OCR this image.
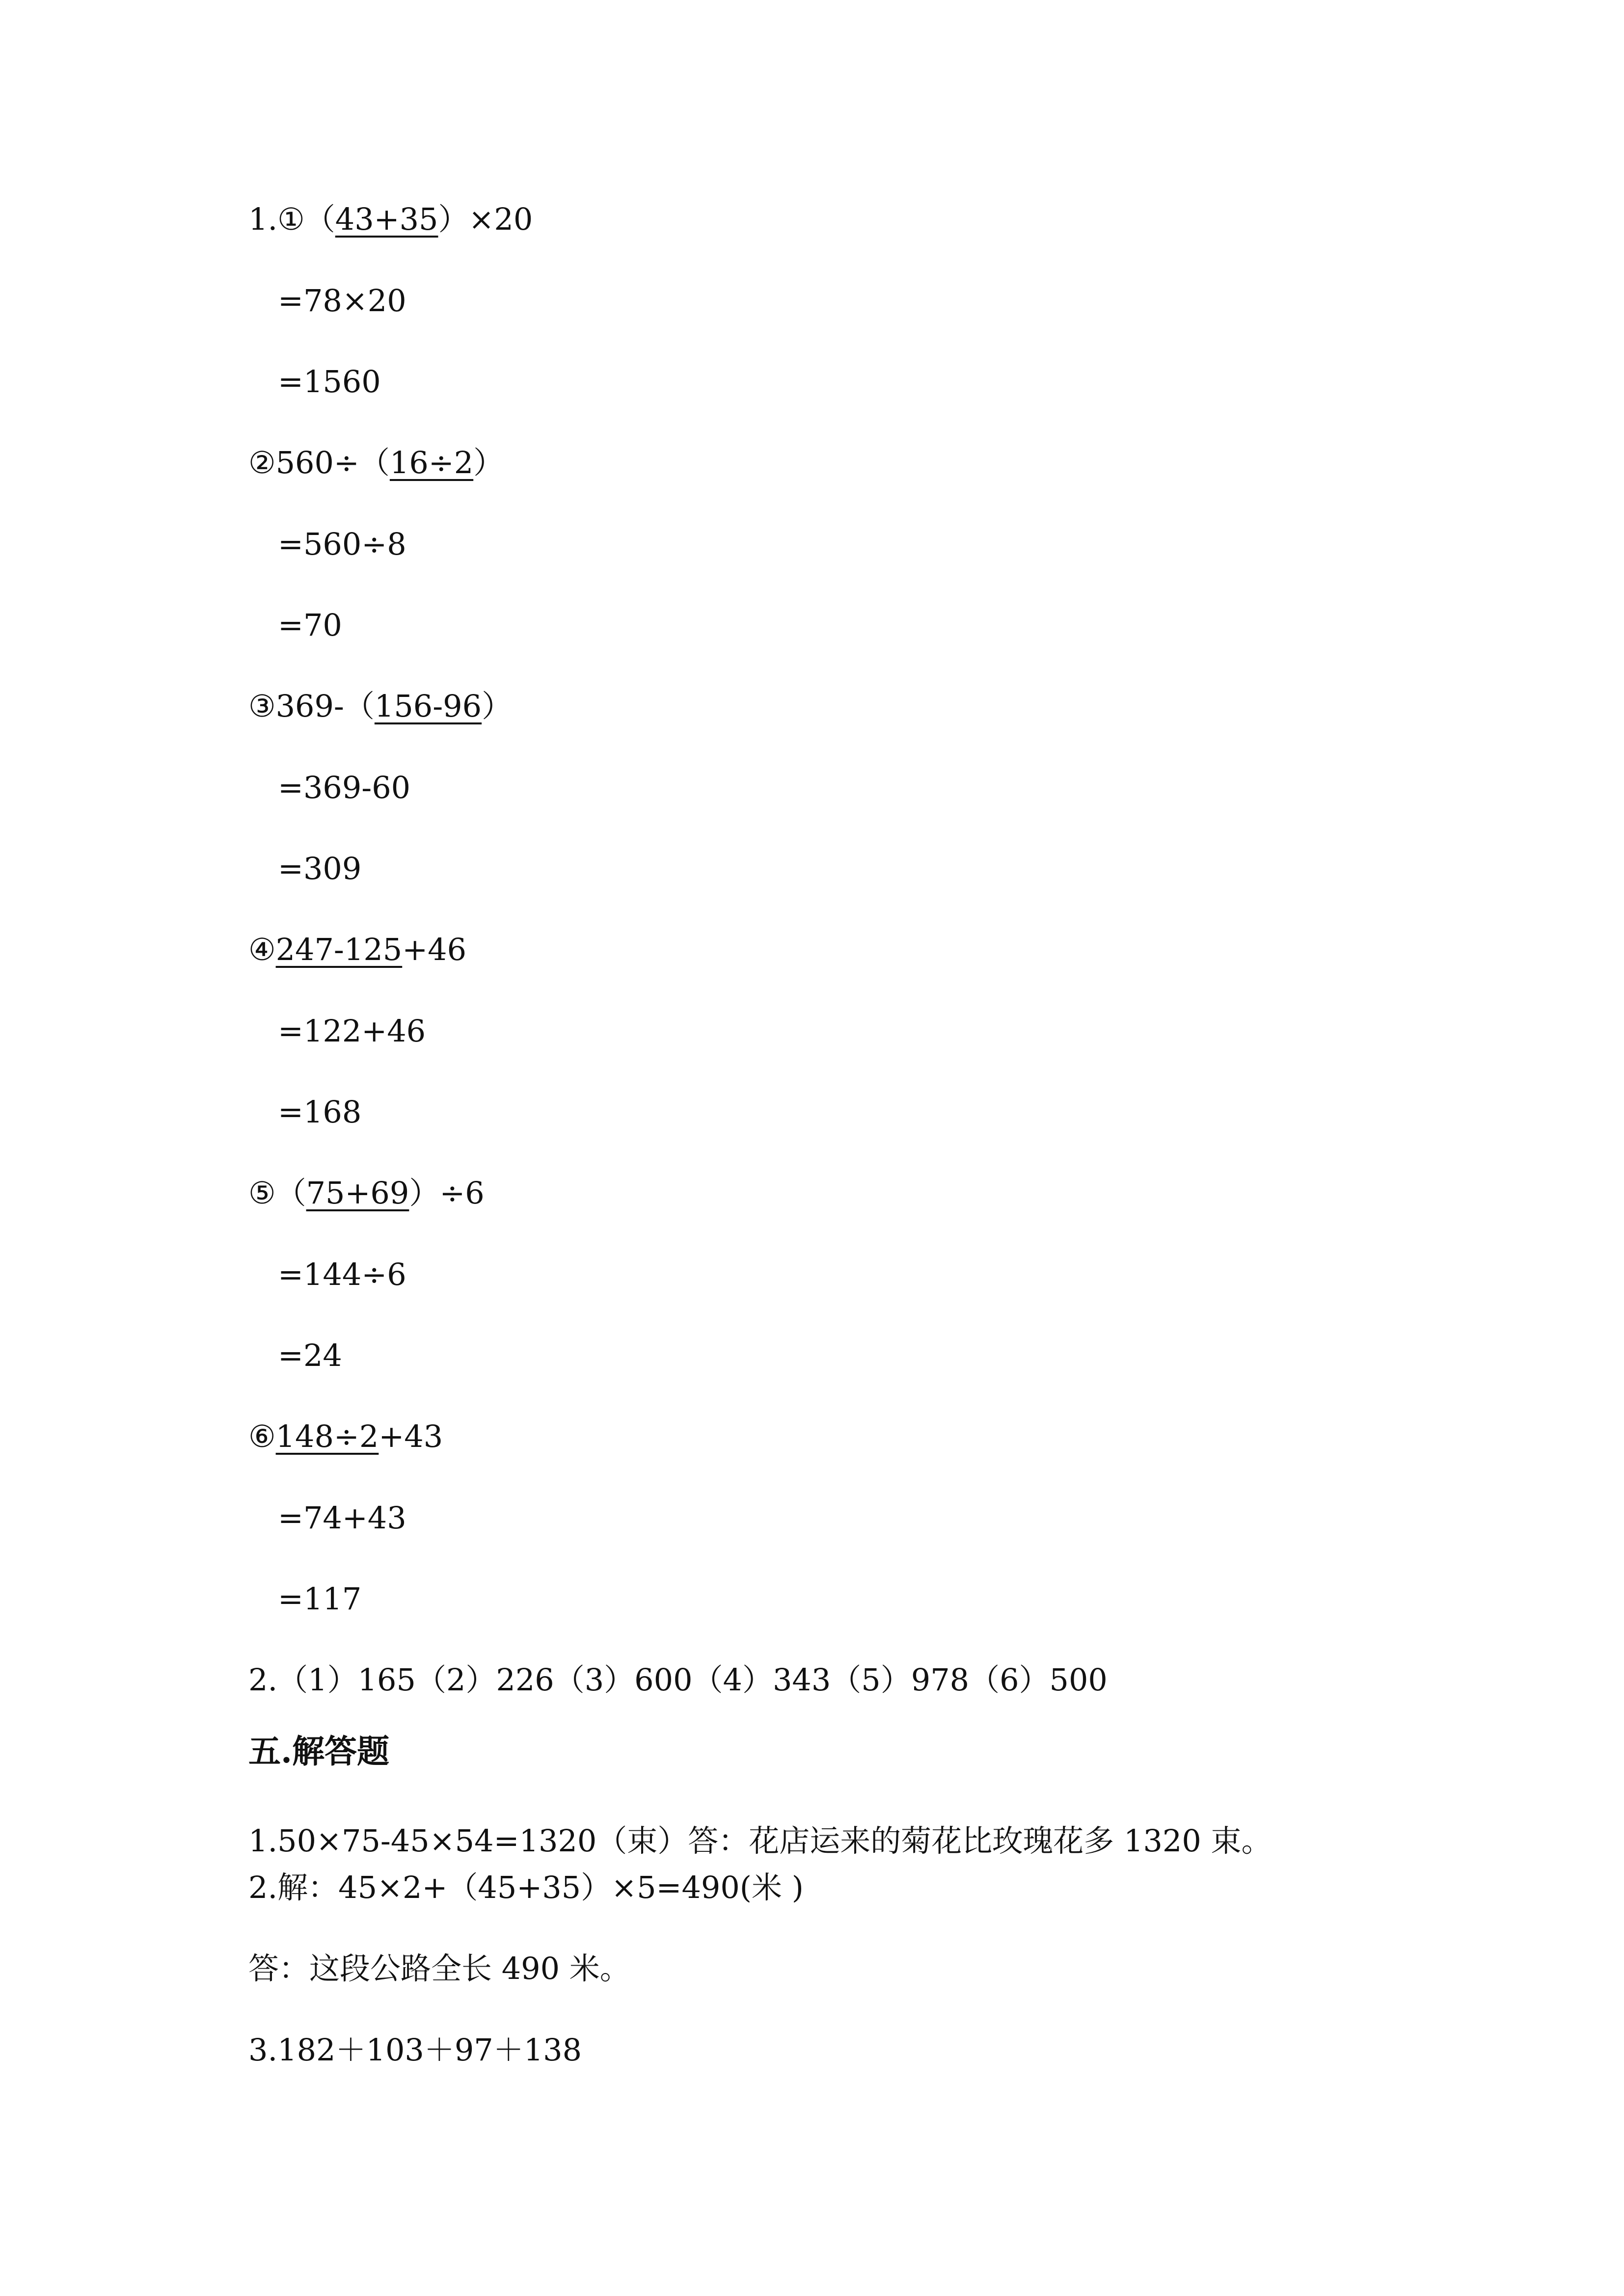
1.①（43+35）×20
=78×20
=1560
②560÷（16÷2）
=560÷8
=70
③369-（156-96）
=369-60
=309
④247-125+46
=122+46
=168
⑤（75+69）÷6
=144÷6
=24
⑥148÷2+43
=74+43
=117
2.（1）165（2）226（3）600（4）343（5）978（6）500
五.解答题
1.50×75-45×54=1320（束）答：花店运来的菊花比玫瑰花多 1320 束。
2.解：45×2+（45+35）×5=490(米 )
答：这段公路全长 490 米。
3.182＋103＋97＋138
